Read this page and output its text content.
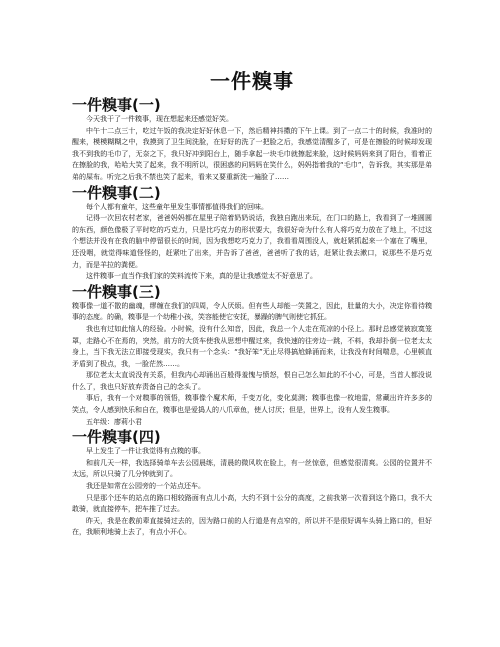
一件糗事
一件糗事(一)

今天我干了一件糗事，现在想起来还感觉好笑。

中午十二点三十，吃过午饭的我决定好好休息一下，然后精神抖擞的下午上课。到了一点二十的时候，我准时的醒来，模模糊糊之中，我摸到了卫生间洗脸，在好好的洗了一把脸之后，我感觉清醒多了，可是在擦脸的时候却发现我不到我的毛巾了，无奈之下，我只好冲到阳台上，随手拿起一块毛巾就擦起来脸，这时候妈妈来到了阳台，看着正在擦脸的我，哈哈大笑了起来，我不明所以，很困惑的问妈妈在笑什么，妈妈指着我的“毛巾”，告诉我，其实那是弟弟的屎布。听完之后我不禁也笑了起来，看来又要重新洗一遍脸了……

一件糗事(二)

每个人都有童年，这些童年里发生事情都值得我们的回味。

记得一次回农村老家，爸爸妈妈都在屋里子陪着奶奶说话，我独自跑出来玩，在门口的路上，我看到了一堆圆圆的东西，颜色像极了平时吃的巧克力，只是比巧克力的形状要大，我很好奇为什么有人将巧克力放在了地上，不过这个想法并没有在我的脑中停留很长的时间，因为我想吃巧克力了，我看看周围没人，就赶紧抓起来一个塞在了嘴里，还没咽，就觉得味道怪怪的，赶紧吐了出来，并告诉了爸爸，爸爸听了我的话，赶紧让我去漱口，说那些不是巧克力，而是羊拉的粪便。

这件糗事一直当作我们家的笑料流传下来，真的是让我感觉太不好意思了。

一件糗事(三)

糗事像一道不散的幽魂，缪缠在我们的四周，令人厌烦。但有些人却能一笑置之，因此，肚量的大小，决定你看待糗事的态度。的确，糗事是一个幼稚小孩，笑容能使它安抚，暴躁的脾气则使它抓狂。

我也有过如此恼人的经验。小时候，没有什么知音，因此，我总一个人走在荒凉的小径上。那时总感觉被寂寞笼罩，走路心不在焉的，突然，前方的大货车使我从思想中醒过来，我快速的往旁边一跳，不料，我却扑倒一位老太太身上，当下我无法立即接受现实，我只有一个念头：“我好笨”无止尽得搞尬蜂涌而来，让我没有时间喘息，心里顿直矛盾到了极点，我，一脸茫然……。

那位老太太直说没有关系，但我内心却涌出百般得羞愧与愤怒，恨自己怎么如此的不小心，可是，当首人都没说什么了，我也只好放弃责备自己的念头了。

事后，我有一个对糗事的领悟，糗事像个魔术师，千变万化，变化莫测；糗事也像一枚地雷，常藏出许许多多的笑点，令人感到快乐和自在，糗事也是爱捣人的八爪章鱼，使人讨厌；但是，世界上，没有人发生糗事。

五年级：廖莉小君

一件糗事(四)

早上发生了一件让我觉得有点糗的事。

和前几天一样，我选择骑单车去公园晨练，清晨的微风吹在脸上，有一丝惊意，但感觉很清爽。公园的位置并不太远，所以只骑了几分钟就到了。

我还是如常在公园旁的一个站点还车。

只是那个还车的站点的路口相较路面有点儿小高，大约不到十公分的高度，之前我第一次看到这个路口，我不大敢骑，就直接停车，把车推了过去。

昨天，我是在教前辈直接骑过去的，因为路口前的人行道是有点窄的，所以并不是很好调车头骑上路口的，但好在，我顺利地骑上去了，有点小开心。
